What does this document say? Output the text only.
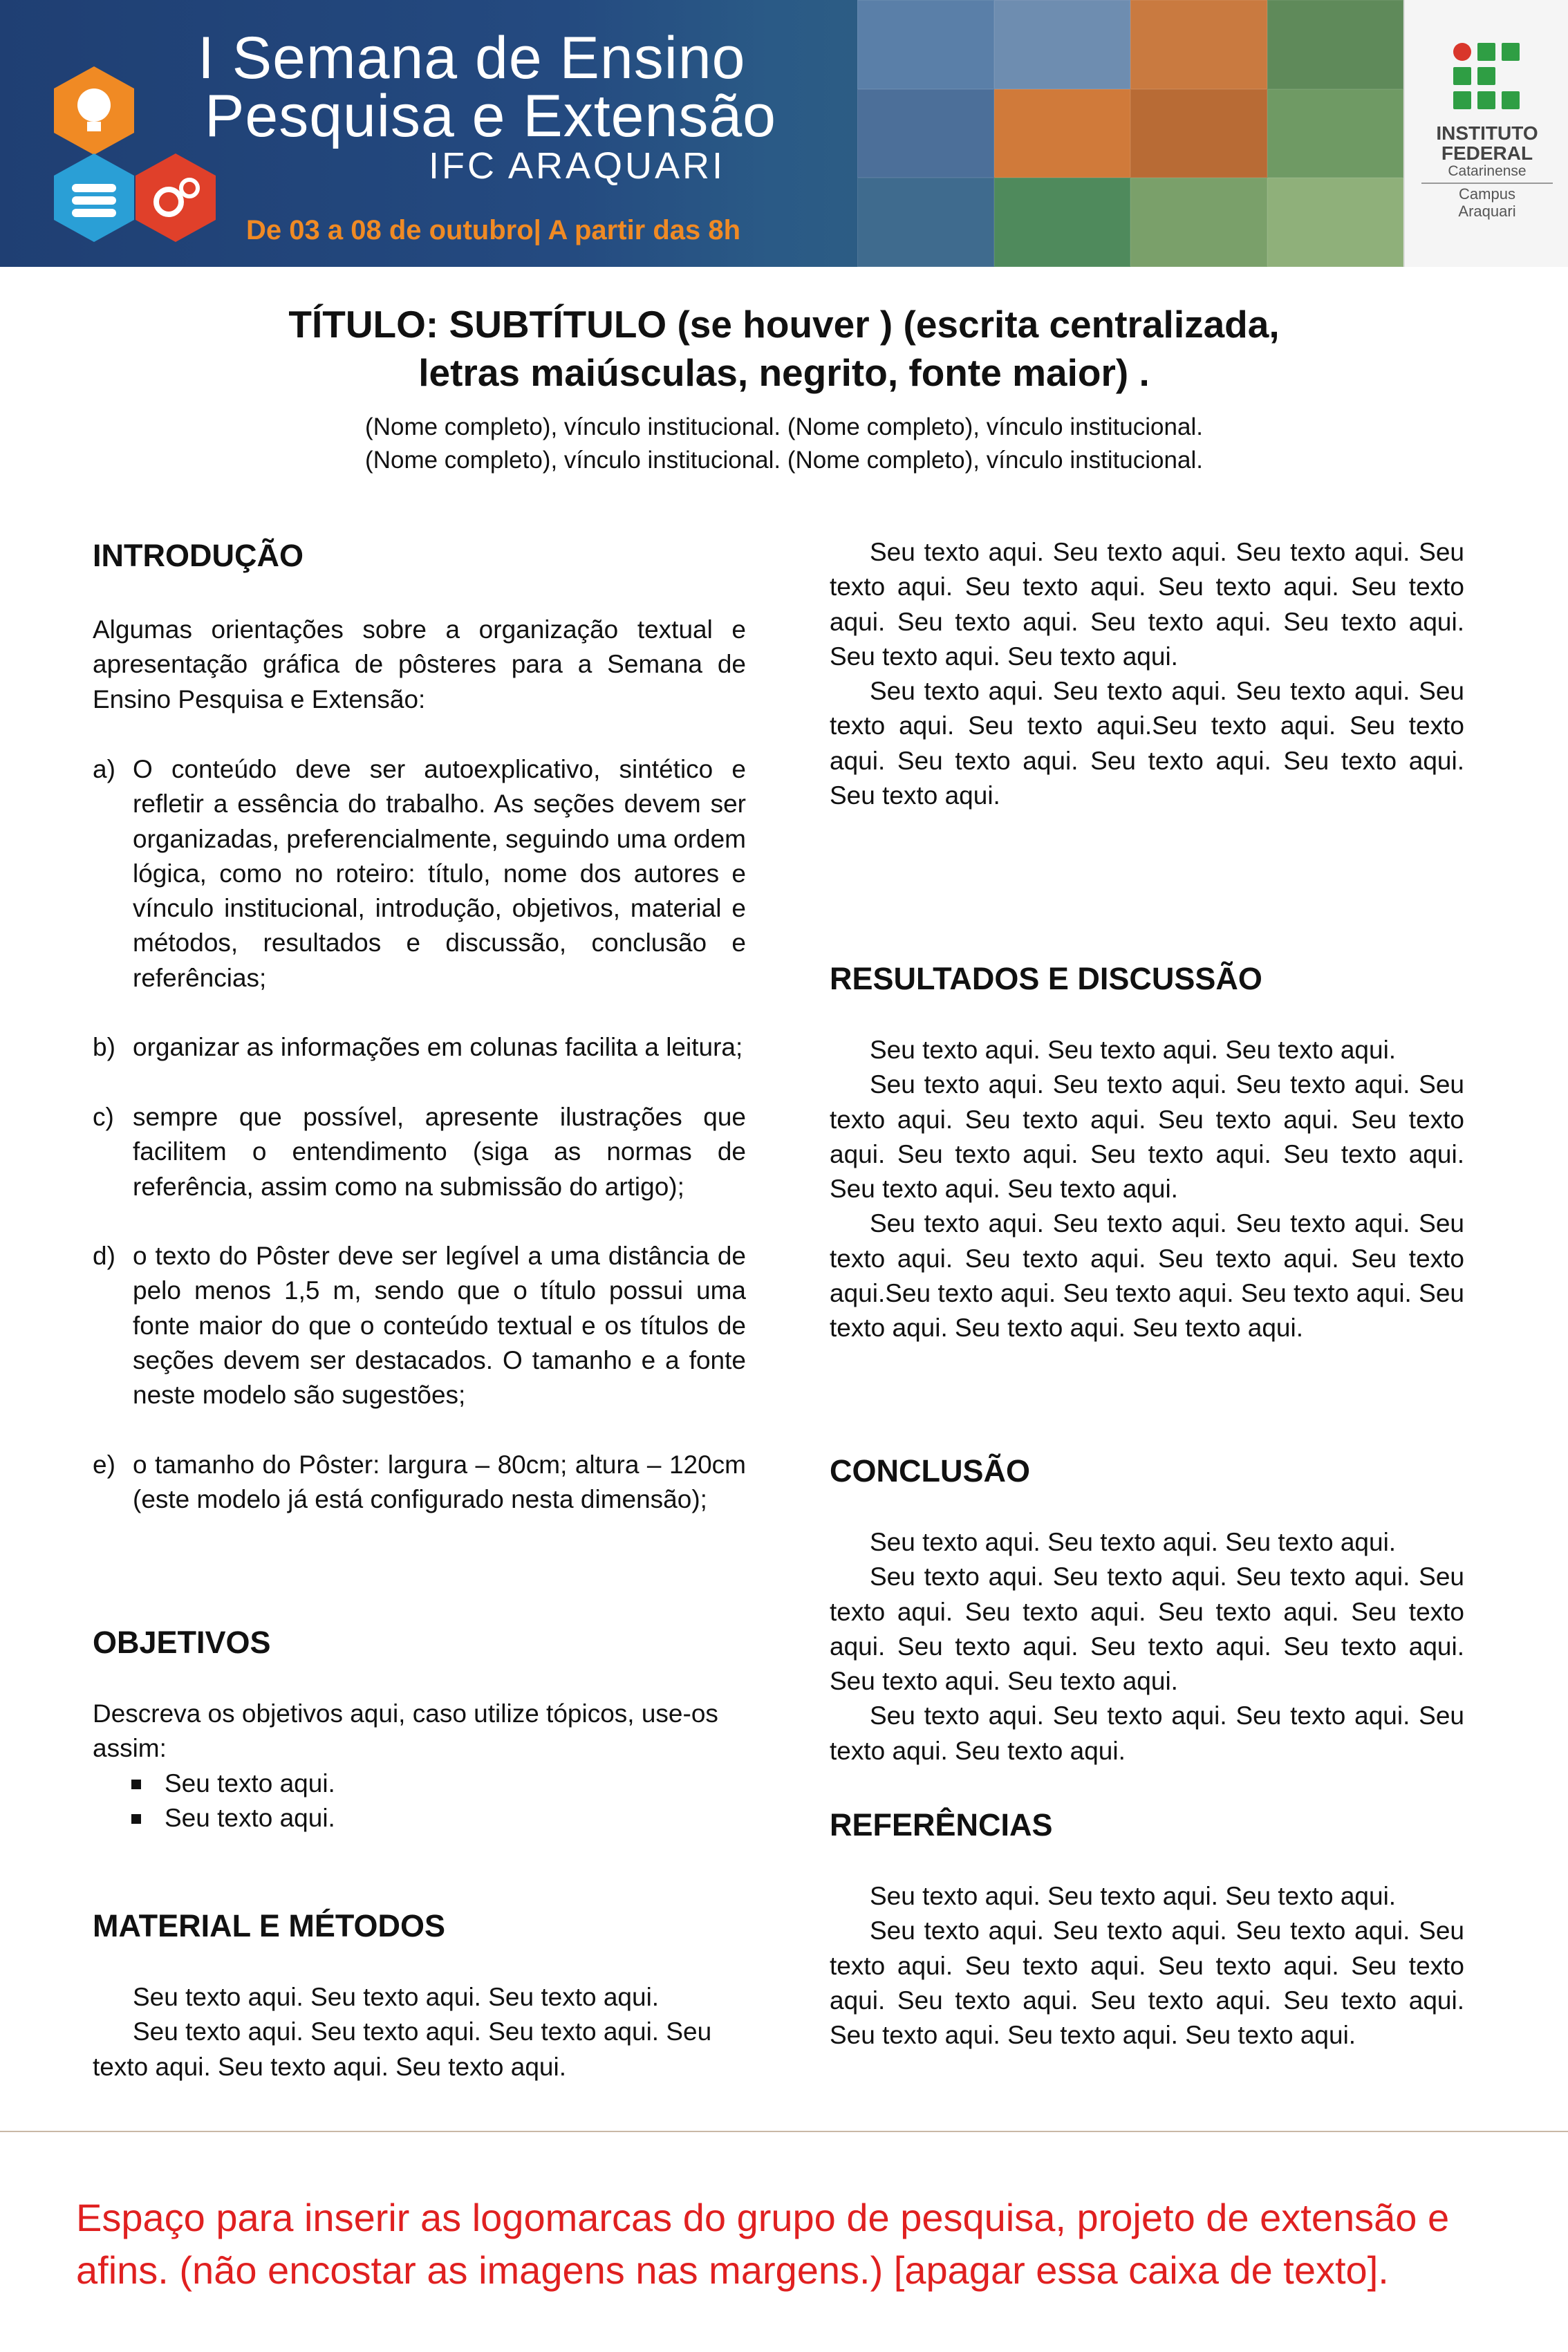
I Semana de Ensino
Pesquisa e Extensão
IFC ARAQUARI
De 03 a 08 de outubro| A partir das 8h
INSTITUTO
FEDERAL
Catarinense
Campus
Araquari
TÍTULO: SUBTÍTULO (se houver ) (escrita centralizada,
letras maiúsculas, negrito, fonte maior) .
(Nome completo), vínculo institucional. (Nome completo), vínculo institucional.
(Nome completo), vínculo institucional. (Nome completo), vínculo institucional.
INTRODUÇÃO
Algumas orientações sobre a organização textual e apresentação gráfica de pôsteres para a Semana de Ensino Pesquisa e Extensão:
a) O conteúdo deve ser autoexplicativo, sintético e refletir a essência do trabalho. As seções devem ser organizadas, preferencialmente, seguindo uma ordem lógica, como no roteiro: título, nome dos autores e vínculo institucional, introdução, objetivos, material e métodos, resultados e discussão, conclusão e referências;
b) organizar as informações em colunas facilita a leitura;
c) sempre que possível, apresente ilustrações que facilitem o entendimento (siga as normas de referência, assim como na submissão do artigo);
d) o texto do Pôster deve ser legível a uma distância de pelo menos 1,5 m, sendo que o título possui uma fonte maior do que o conteúdo textual e os títulos de seções devem ser destacados. O tamanho e a fonte neste modelo são sugestões;
e) o tamanho do Pôster: largura – 80cm; altura – 120cm (este modelo já está configurado nesta dimensão);
OBJETIVOS
Descreva os objetivos aqui, caso utilize tópicos, use-os assim:
Seu texto aqui.
Seu texto aqui.
MATERIAL E MÉTODOS

Seu texto aqui. Seu texto aqui. Seu texto aqui.

Seu texto aqui. Seu texto aqui. Seu texto aqui. Seu texto aqui. Seu texto aqui. Seu texto aqui.

Seu texto aqui. Seu texto aqui. Seu texto aqui. Seu texto aqui. Seu texto aqui. Seu texto aqui. Seu texto aqui. Seu texto aqui. Seu texto aqui. Seu texto aqui. Seu texto aqui. Seu texto aqui.

Seu texto aqui. Seu texto aqui. Seu texto aqui. Seu texto aqui. Seu texto aqui.Seu texto aqui. Seu texto aqui. Seu texto aqui. Seu texto aqui. Seu texto aqui. Seu texto aqui.

RESULTADOS E DISCUSSÃO

Seu texto aqui. Seu texto aqui. Seu texto aqui.

Seu texto aqui. Seu texto aqui. Seu texto aqui. Seu texto aqui. Seu texto aqui. Seu texto aqui. Seu texto aqui. Seu texto aqui. Seu texto aqui. Seu texto aqui. Seu texto aqui. Seu texto aqui.

Seu texto aqui. Seu texto aqui. Seu texto aqui. Seu texto aqui. Seu texto aqui. Seu texto aqui. Seu texto aqui.Seu texto aqui. Seu texto aqui. Seu texto aqui. Seu texto aqui. Seu texto aqui. Seu texto aqui.

CONCLUSÃO

Seu texto aqui. Seu texto aqui. Seu texto aqui.

Seu texto aqui. Seu texto aqui. Seu texto aqui. Seu texto aqui. Seu texto aqui. Seu texto aqui. Seu texto aqui. Seu texto aqui. Seu texto aqui. Seu texto aqui. Seu texto aqui. Seu texto aqui.

Seu texto aqui. Seu texto aqui. Seu texto aqui. Seu texto aqui. Seu texto aqui.

REFERÊNCIAS

Seu texto aqui. Seu texto aqui. Seu texto aqui.

Seu texto aqui. Seu texto aqui. Seu texto aqui. Seu texto aqui. Seu texto aqui. Seu texto aqui. Seu texto aqui. Seu texto aqui. Seu texto aqui. Seu texto aqui. Seu texto aqui. Seu texto aqui. Seu texto aqui.

Espaço para inserir as logomarcas do grupo de pesquisa, projeto de extensão e afins. (não encostar as imagens nas margens.) [apagar essa caixa de texto].
